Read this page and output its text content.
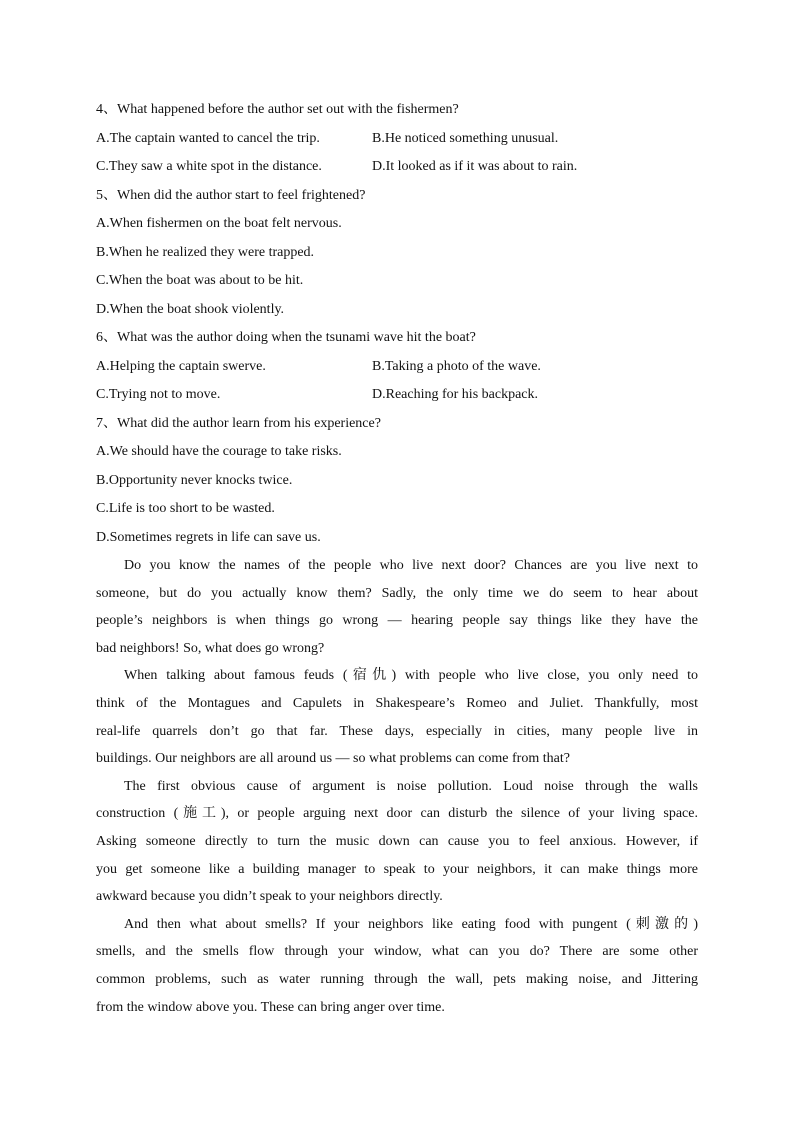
4、What happened before the author set out with the fishermen?
A.The captain wanted to cancel the trip.	B.He noticed something unusual.
C.They saw a white spot in the distance.	D.It looked as if it was about to rain.
5、When did the author start to feel frightened?
A.When fishermen on the boat felt nervous.
B.When he realized they were trapped.
C.When the boat was about to be hit.
D.When the boat shook violently.
6、What was the author doing when the tsunami wave hit the boat?
A.Helping the captain swerve.	B.Taking a photo of the wave.
C.Trying not to move.	D.Reaching for his backpack.
7、What did the author learn from his experience?
A.We should have the courage to take risks.
B.Opportunity never knocks twice.
C.Life is too short to be wasted.
D.Sometimes regrets in life can save us.
Do you know the names of the people who live next door? Chances are you live next to
someone, but do you actually know them? Sadly, the only time we do seem to hear about
people’s neighbors is when things go wrong — hearing people say things like they have the
bad neighbors! So, what does go wrong?
When talking about famous feuds (宿仇) with people who live close, you only need to
think of the Montagues and Capulets in Shakespeare’s Romeo and Juliet. Thankfully, most
real-life quarrels don’t go that far. These days, especially in cities, many people live in
buildings. Our neighbors are all around us — so what problems can come from that?
The first obvious cause of argument is noise pollution. Loud noise through the walls
construction (施工), or people arguing next door can disturb the silence of your living space.
Asking someone directly to turn the music down can cause you to feel anxious. However, if
you get someone like a building manager to speak to your neighbors, it can make things more
awkward because you didn’t speak to your neighbors directly.
And then what about smells? If your neighbors like eating food with pungent (刺激的)
smells, and the smells flow through your window, what can you do? There are some other
common problems, such as water running through the wall, pets making noise, and Jittering
from the window above you. These can bring anger over time.
